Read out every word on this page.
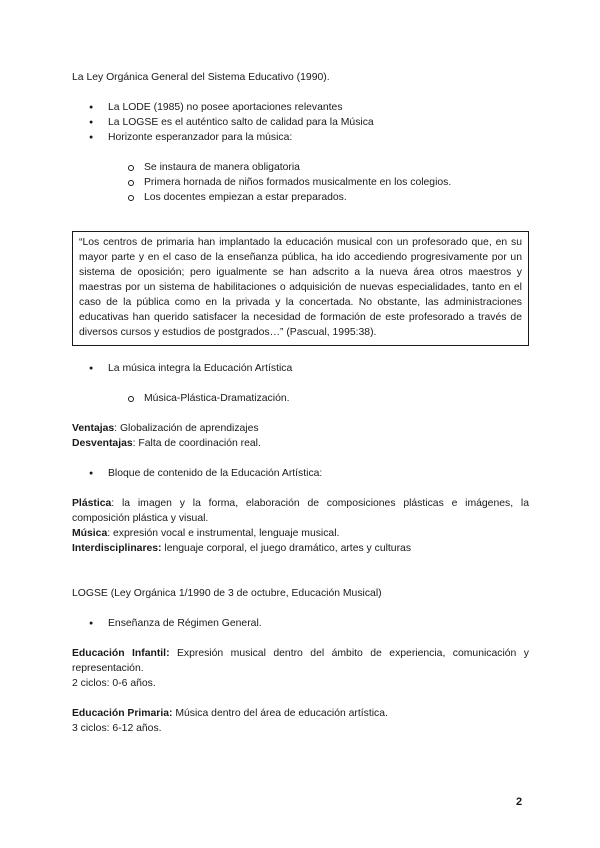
La Ley Orgánica General del Sistema Educativo (1990).

● La LODE (1985) no posee aportaciones relevantes
● La LOGSE es el auténtico salto de calidad para la Música
● Horizonte esperanzador para la música:
Se instaura de manera obligatoria
Primera hornada de niños formados musicalmente en los colegios.
Los docentes empiezan a estar preparados.

“Los centros de primaria han implantado la educación musical con un profesorado que, en su mayor parte y en el caso de la enseñanza pública, ha ido accediendo progresivamente por un sistema de oposición; pero igualmente se han adscrito a la nueva área otros maestros y maestras por un sistema de habilitaciones o adquisición de nuevas especialidades, tanto en el caso de la pública como en la privada y la concertada. No obstante, las administraciones educativas han querido satisfacer la necesidad de formación de este profesorado a través de diversos cursos y estudios de postgrados…” (Pascual, 1995:38).

● La música integra la Educación Artística
Música-Plástica-Dramatización.

Ventajas: Globalización de aprendizajes

Desventajas: Falta de coordinación real.

● Bloque de contenido de la Educación Artística:

Plástica: la imagen y la forma, elaboración de composiciones plásticas e imágenes, la composición plástica y visual.

Música: expresión vocal e instrumental, lenguaje musical.

Interdisciplinares: lenguaje corporal, el juego dramático, artes y culturas

LOGSE (Ley Orgánica 1/1990 de 3 de octubre, Educación Musical)

● Enseñanza de Régimen General.

Educación Infantil: Expresión musical dentro del ámbito de experiencia, comunicación y representación.

2 ciclos: 0-6 años.

Educación Primaria: Música dentro del área de educación artística.

3 ciclos: 6-12 años.

2
